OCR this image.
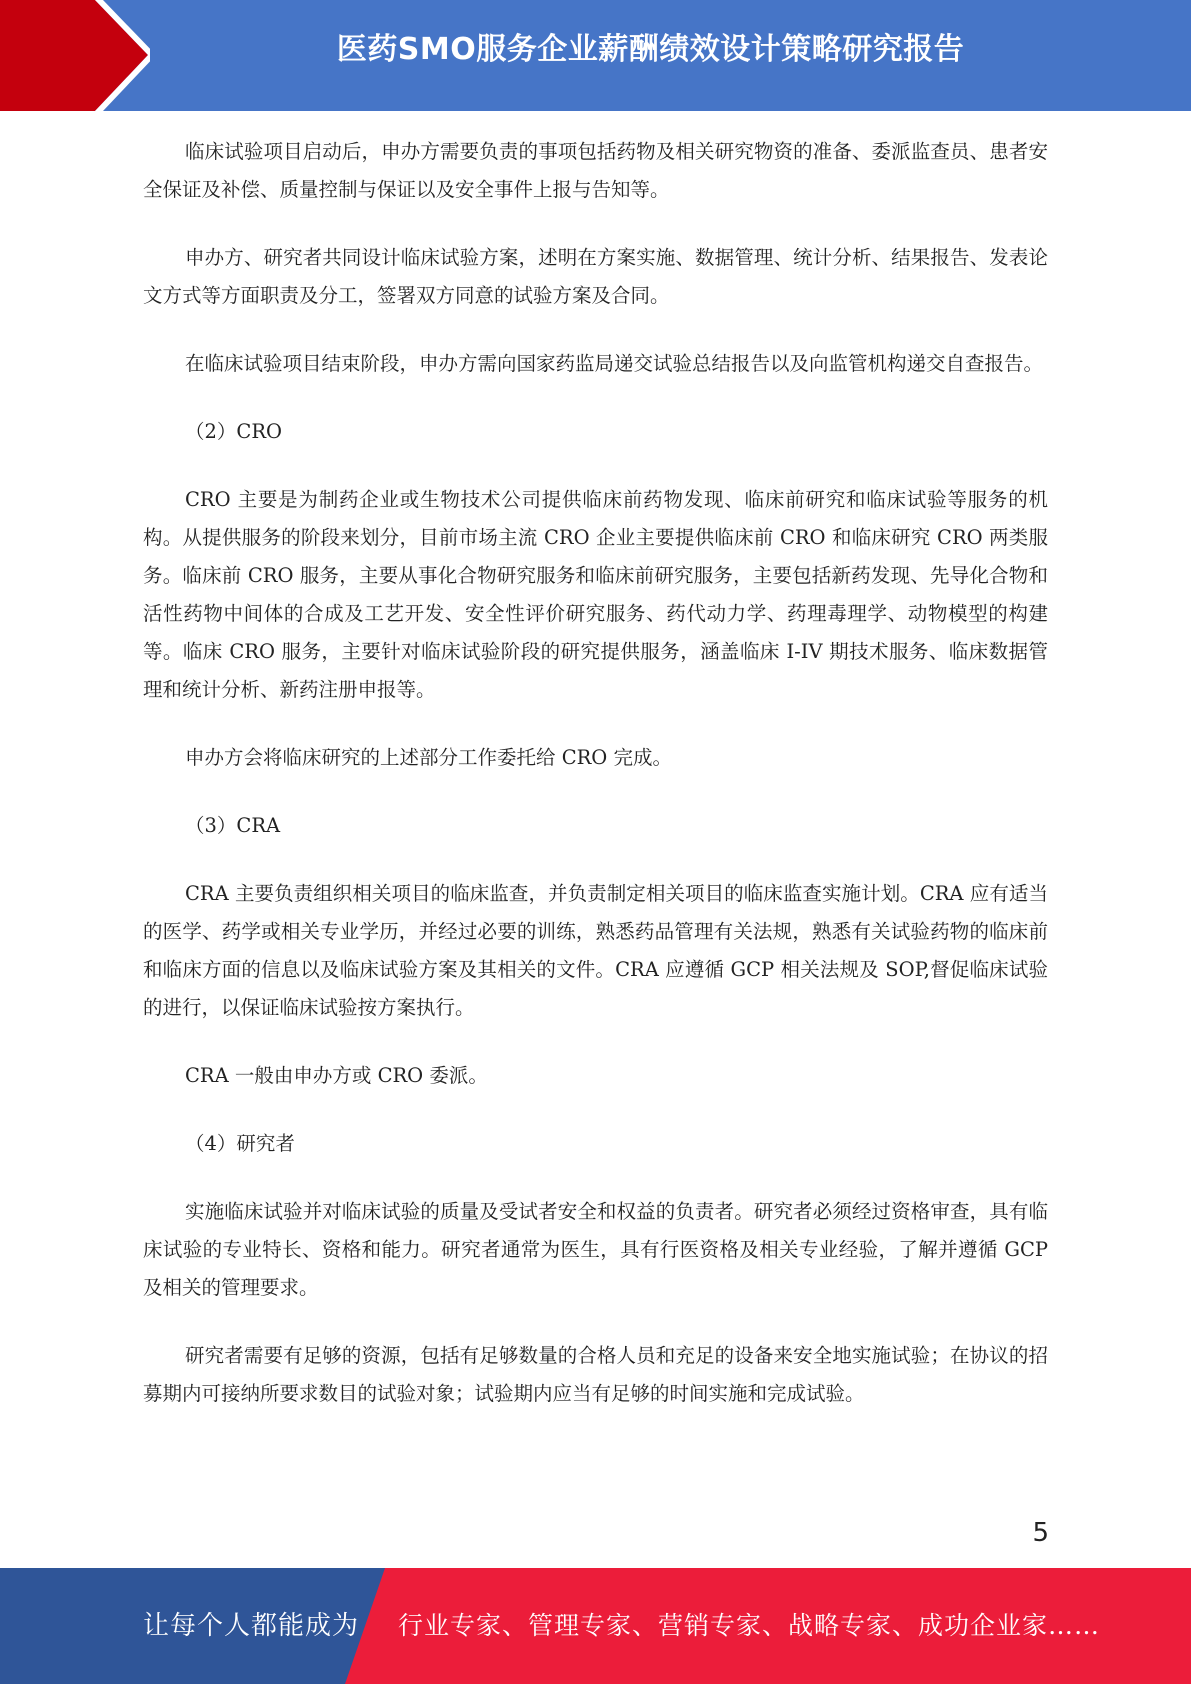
医药SMO服务企业薪酬绩效设计策略研究报告

临床试验项目启动后，申办方需要负责的事项包括药物及相关研究物资的准备、委派监查员、患者安全保证及补偿、质量控制与保证以及安全事件上报与告知等。

申办方、研究者共同设计临床试验方案，述明在方案实施、数据管理、统计分析、结果报告、发表论文方式等方面职责及分工，签署双方同意的试验方案及合同。

在临床试验项目结束阶段，申办方需向国家药监局递交试验总结报告以及向监管机构递交自查报告。

（2）CRO

CRO 主要是为制药企业或生物技术公司提供临床前药物发现、临床前研究和临床试验等服务的机构。从提供服务的阶段来划分，目前市场主流 CRO 企业主要提供临床前 CRO 和临床研究 CRO 两类服务。临床前 CRO 服务，主要从事化合物研究服务和临床前研究服务，主要包括新药发现、先导化合物和活性药物中间体的合成及工艺开发、安全性评价研究服务、药代动力学、药理毒理学、动物模型的构建等。临床 CRO 服务，主要针对临床试验阶段的研究提供服务，涵盖临床 I-IV 期技术服务、临床数据管理和统计分析、新药注册申报等。

申办方会将临床研究的上述部分工作委托给 CRO 完成。

（3）CRA

CRA 主要负责组织相关项目的临床监查，并负责制定相关项目的临床监查实施计划。CRA 应有适当的医学、药学或相关专业学历，并经过必要的训练，熟悉药品管理有关法规，熟悉有关试验药物的临床前和临床方面的信息以及临床试验方案及其相关的文件。CRA 应遵循 GCP 相关法规及 SOP,督促临床试验的进行，以保证临床试验按方案执行。

CRA 一般由申办方或 CRO 委派。

（4）研究者

实施临床试验并对临床试验的质量及受试者安全和权益的负责者。研究者必须经过资格审查，具有临床试验的专业特长、资格和能力。研究者通常为医生，具有行医资格及相关专业经验，了解并遵循 GCP 及相关的管理要求。

研究者需要有足够的资源，包括有足够数量的合格人员和充足的设备来安全地实施试验；在协议的招募期内可接纳所要求数目的试验对象；试验期内应当有足够的时间实施和完成试验。

5
让每个人都能成为 行业专家、管理专家、营销专家、战略专家、成功企业家……
